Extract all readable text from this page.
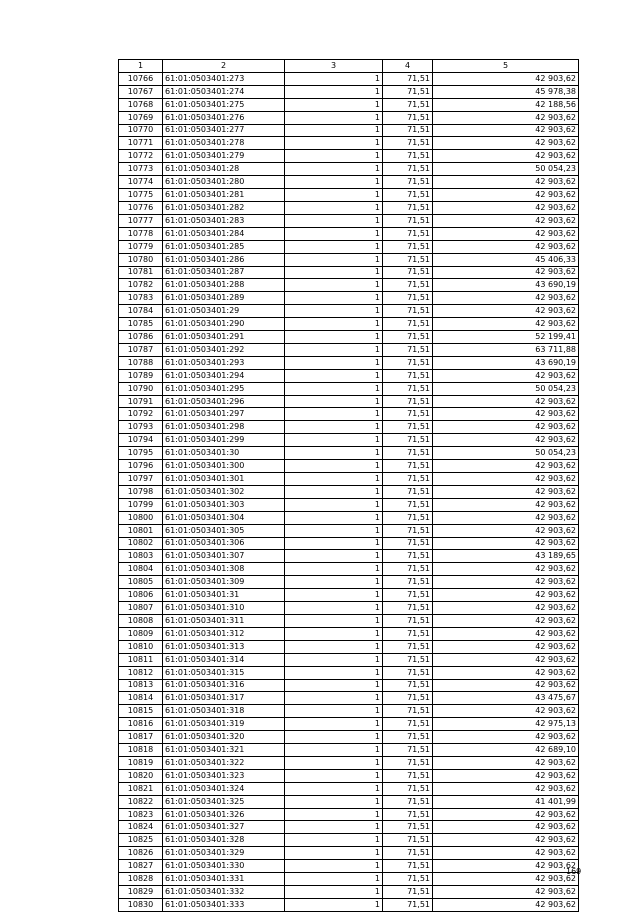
1	2	3	4	5
10766	61:01:0503401:273	1	71,51	42 903,62
10767	61:01:0503401:274	1	71,51	45 978,38
10768	61:01:0503401:275	1	71,51	42 188,56
10769	61:01:0503401:276	1	71,51	42 903,62
10770	61:01:0503401:277	1	71,51	42 903,62
10771	61:01:0503401:278	1	71,51	42 903,62
10772	61:01:0503401:279	1	71,51	42 903,62
10773	61:01:0503401:28	1	71,51	50 054,23
10774	61:01:0503401:280	1	71,51	42 903,62
10775	61:01:0503401:281	1	71,51	42 903,62
10776	61:01:0503401:282	1	71,51	42 903,62
10777	61:01:0503401:283	1	71,51	42 903,62
10778	61:01:0503401:284	1	71,51	42 903,62
10779	61:01:0503401:285	1	71,51	42 903,62
10780	61:01:0503401:286	1	71,51	45 406,33
10781	61:01:0503401:287	1	71,51	42 903,62
10782	61:01:0503401:288	1	71,51	43 690,19
10783	61:01:0503401:289	1	71,51	42 903,62
10784	61:01:0503401:29	1	71,51	42 903,62
10785	61:01:0503401:290	1	71,51	42 903,62
10786	61:01:0503401:291	1	71,51	52 199,41
10787	61:01:0503401:292	1	71,51	63 711,88
10788	61:01:0503401:293	1	71,51	43 690,19
10789	61:01:0503401:294	1	71,51	42 903,62
10790	61:01:0503401:295	1	71,51	50 054,23
10791	61:01:0503401:296	1	71,51	42 903,62
10792	61:01:0503401:297	1	71,51	42 903,62
10793	61:01:0503401:298	1	71,51	42 903,62
10794	61:01:0503401:299	1	71,51	42 903,62
10795	61:01:0503401:30	1	71,51	50 054,23
10796	61:01:0503401:300	1	71,51	42 903,62
10797	61:01:0503401:301	1	71,51	42 903,62
10798	61:01:0503401:302	1	71,51	42 903,62
10799	61:01:0503401:303	1	71,51	42 903,62
10800	61:01:0503401:304	1	71,51	42 903,62
10801	61:01:0503401:305	1	71,51	42 903,62
10802	61:01:0503401:306	1	71,51	42 903,62
10803	61:01:0503401:307	1	71,51	43 189,65
10804	61:01:0503401:308	1	71,51	42 903,62
10805	61:01:0503401:309	1	71,51	42 903,62
10806	61:01:0503401:31	1	71,51	42 903,62
10807	61:01:0503401:310	1	71,51	42 903,62
10808	61:01:0503401:311	1	71,51	42 903,62
10809	61:01:0503401:312	1	71,51	42 903,62
10810	61:01:0503401:313	1	71,51	42 903,62
10811	61:01:0503401:314	1	71,51	42 903,62
10812	61:01:0503401:315	1	71,51	42 903,62
10813	61:01:0503401:316	1	71,51	42 903,62
10814	61:01:0503401:317	1	71,51	43 475,67
10815	61:01:0503401:318	1	71,51	42 903,62
10816	61:01:0503401:319	1	71,51	42 975,13
10817	61:01:0503401:320	1	71,51	42 903,62
10818	61:01:0503401:321	1	71,51	42 689,10
10819	61:01:0503401:322	1	71,51	42 903,62
10820	61:01:0503401:323	1	71,51	42 903,62
10821	61:01:0503401:324	1	71,51	42 903,62
10822	61:01:0503401:325	1	71,51	41 401,99
10823	61:01:0503401:326	1	71,51	42 903,62
10824	61:01:0503401:327	1	71,51	42 903,62
10825	61:01:0503401:328	1	71,51	42 903,62
10826	61:01:0503401:329	1	71,51	42 903,62
10827	61:01:0503401:330	1	71,51	42 903,62
10828	61:01:0503401:331	1	71,51	42 903,62
10829	61:01:0503401:332	1	71,51	42 903,62
10830	61:01:0503401:333	1	71,51	42 903,62
169
